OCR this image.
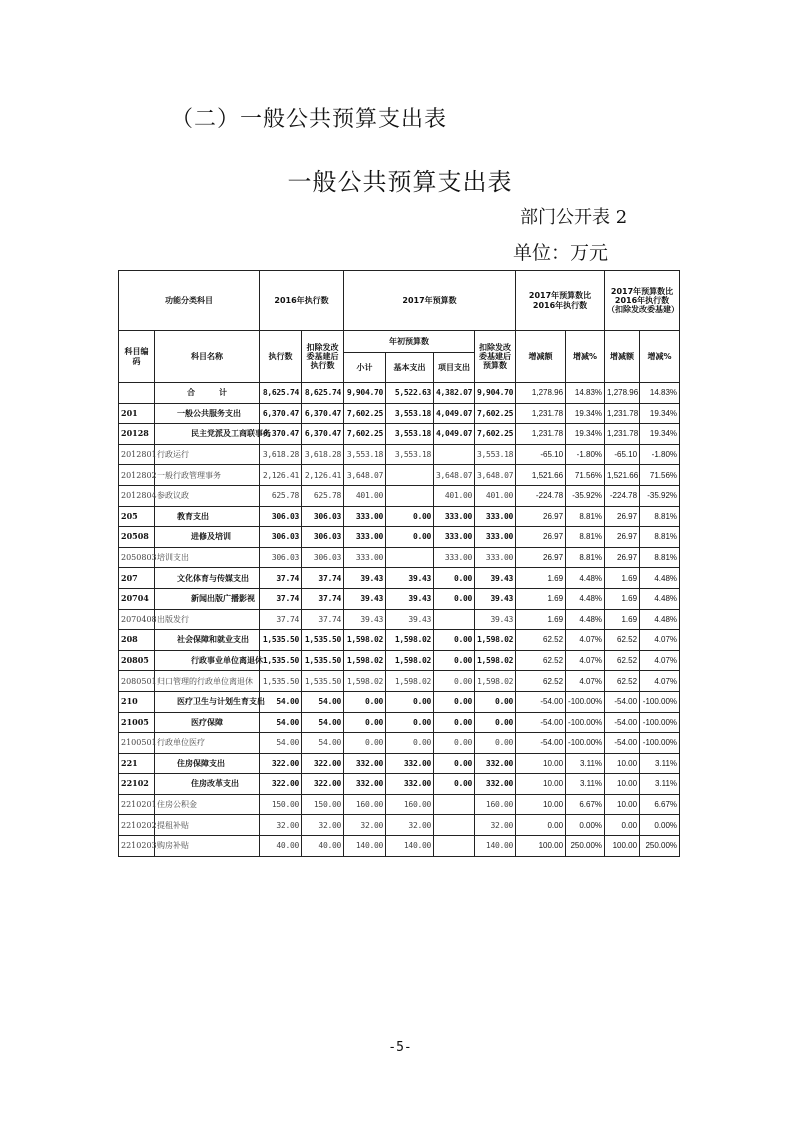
（二）一般公共预算支出表
一般公共预算支出表
部门公开表 2
单位：万元
功能分类科目		2016年执行数		2017年预算数				2017年预算数比2016年执行数		2017年预算数比2016年执行数（扣除发改委基建）	
科目编码	科目名称	执行数	扣除发改委基建后执行数	年初预算数			扣除发改委基建后预算数	增减额	增减%	增减额	增减%
				小计	基本支出	项目支出					
	合　计	8,625.74	8,625.74	9,904.70	5,522.63	4,382.07	9,904.70	1,278.96	14.83%	1,278.96	14.83%
201	一般公共服务支出	6,370.47	6,370.47	7,602.25	3,553.18	4,049.07	7,602.25	1,231.78	19.34%	1,231.78	19.34%
20128	民主党派及工商联事务	6,370.47	6,370.47	7,602.25	3,553.18	4,049.07	7,602.25	1,231.78	19.34%	1,231.78	19.34%
2012801	行政运行	3,618.28	3,618.28	3,553.18	3,553.18		3,553.18	-65.10	-1.80%	-65.10	-1.80%
2012802	一般行政管理事务	2,126.41	2,126.41	3,648.07		3,648.07	3,648.07	1,521.66	71.56%	1,521.66	71.56%
2012804	参政议政	625.78	625.78	401.00		401.00	401.00	-224.78	-35.92%	-224.78	-35.92%
205	教育支出	306.03	306.03	333.00	0.00	333.00	333.00	26.97	8.81%	26.97	8.81%
20508	进修及培训	306.03	306.03	333.00	0.00	333.00	333.00	26.97	8.81%	26.97	8.81%
2050803	培训支出	306.03	306.03	333.00		333.00	333.00	26.97	8.81%	26.97	8.81%
207	文化体育与传媒支出	37.74	37.74	39.43	39.43	0.00	39.43	1.69	4.48%	1.69	4.48%
20704	新闻出版广播影视	37.74	37.74	39.43	39.43	0.00	39.43	1.69	4.48%	1.69	4.48%
2070408	出版发行	37.74	37.74	39.43	39.43		39.43	1.69	4.48%	1.69	4.48%
208	社会保障和就业支出	1,535.50	1,535.50	1,598.02	1,598.02	0.00	1,598.02	62.52	4.07%	62.52	4.07%
20805	行政事业单位离退休	1,535.50	1,535.50	1,598.02	1,598.02	0.00	1,598.02	62.52	4.07%	62.52	4.07%
2080501	归口管理的行政单位离退休	1,535.50	1,535.50	1,598.02	1,598.02	0.00	1,598.02	62.52	4.07%	62.52	4.07%
210	医疗卫生与计划生育支出	54.00	54.00	0.00	0.00	0.00	0.00	-54.00	-100.00%	-54.00	-100.00%
21005	医疗保障	54.00	54.00	0.00	0.00	0.00	0.00	-54.00	-100.00%	-54.00	-100.00%
2100501	行政单位医疗	54.00	54.00	0.00	0.00	0.00	0.00	-54.00	-100.00%	-54.00	-100.00%
221	住房保障支出	322.00	322.00	332.00	332.00	0.00	332.00	10.00	3.11%	10.00	3.11%
22102	住房改革支出	322.00	322.00	332.00	332.00	0.00	332.00	10.00	3.11%	10.00	3.11%
2210201	住房公积金	150.00	150.00	160.00	160.00		160.00	10.00	6.67%	10.00	6.67%
2210202	提租补贴	32.00	32.00	32.00	32.00		32.00	0.00	0.00%	0.00	0.00%
2210203	购房补贴	40.00	40.00	140.00	140.00		140.00	100.00	250.00%	100.00	250.00%
-5-
